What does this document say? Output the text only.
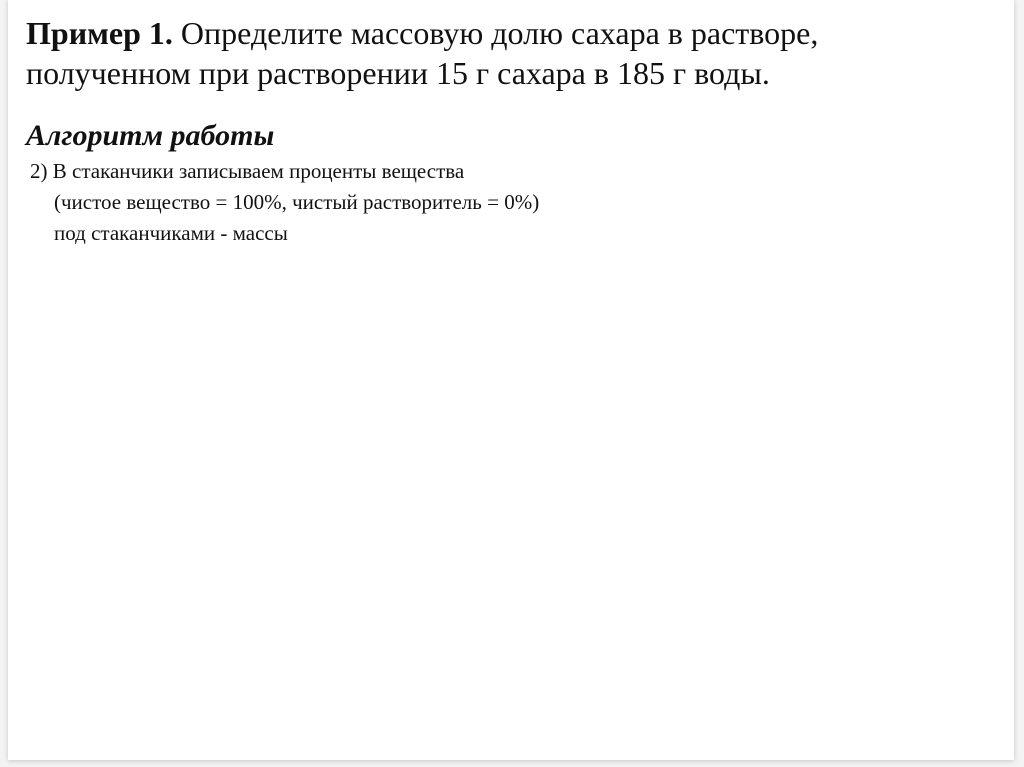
Пример 1. Определите массовую долю сахара в растворе,
полученном при растворении 15 г сахара в 185 г воды.
Алгоритм работы
2) В стаканчики записываем проценты вещества
(чистое вещество = 100%, чистый растворитель = 0%)
под стаканчиками - массы
